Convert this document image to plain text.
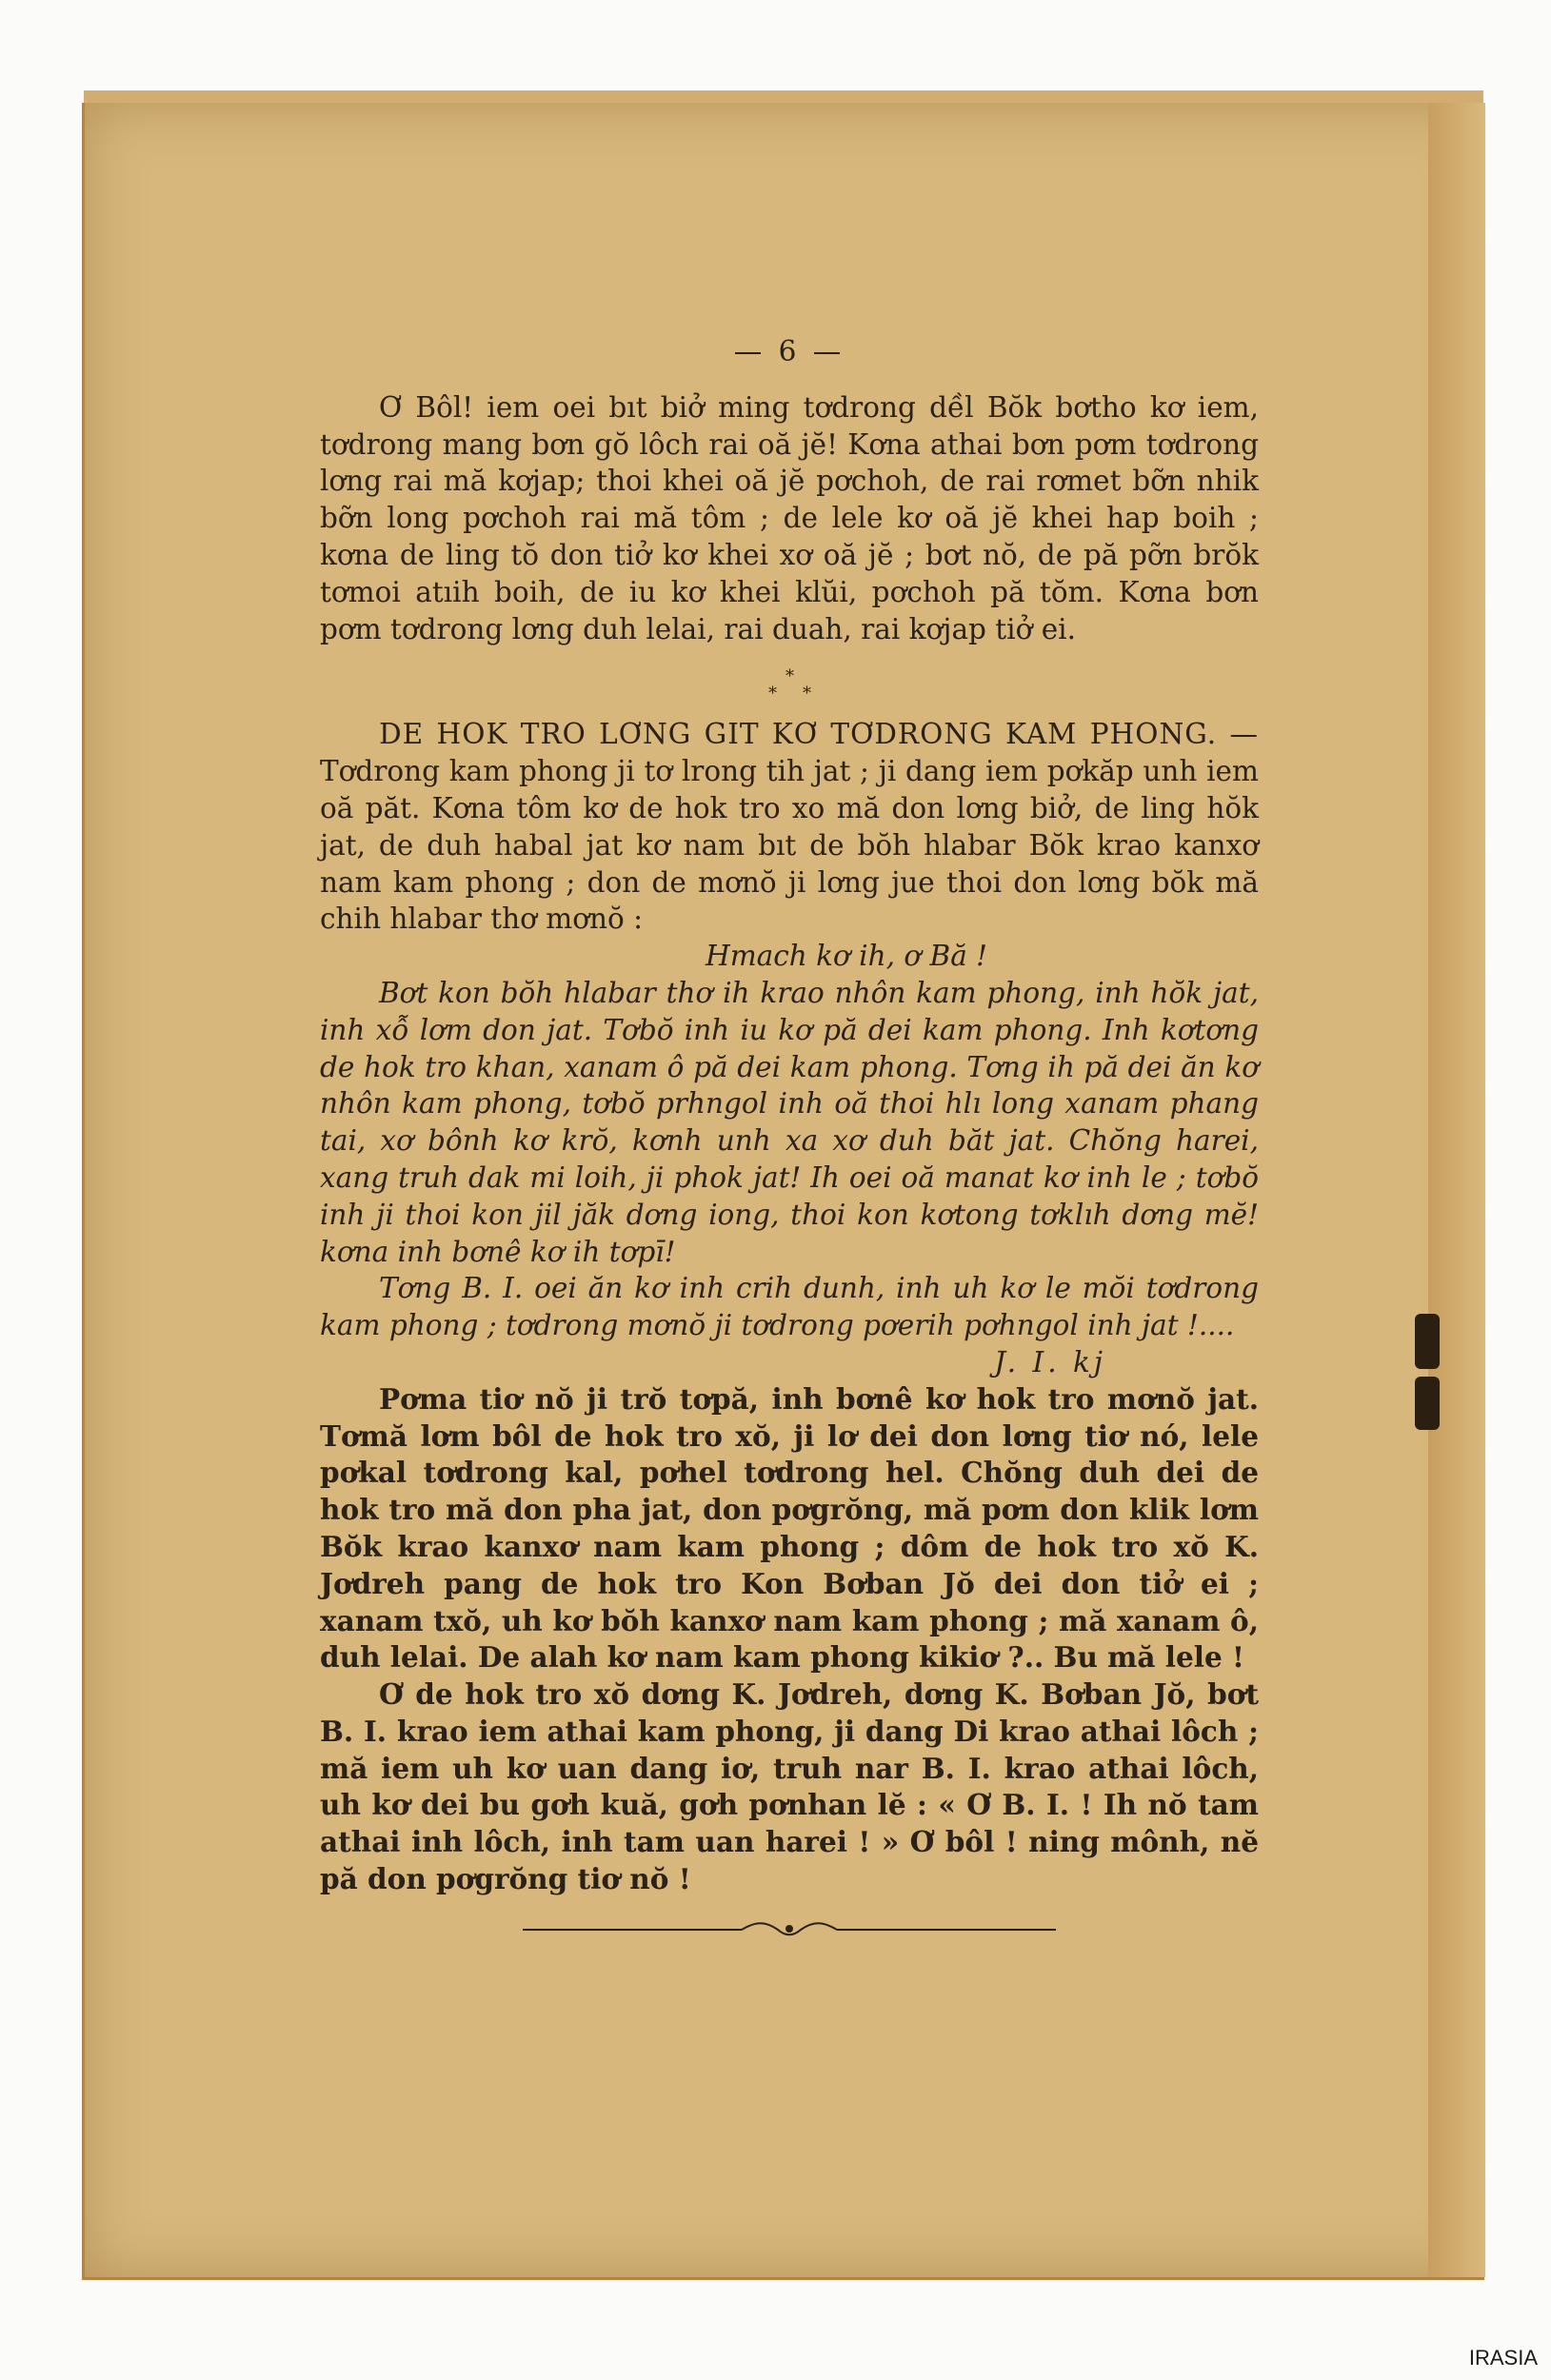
— 6 —

Ơ Bôl! iem oei bıt biở ming tơdrong dềl Bŏk bơtho kơ iem, tơdrong mang bơn gŏ lôch rai oă jĕ! Kơna athai bơn pơm tơdrong lơng rai mă kơjap; thoi khei oă jĕ pơchoh, de rai rơmet bỡn nhik bỡn long pơchoh rai mă tôm ; de lele kơ oă jĕ khei hap boih ; kơna de ling tŏ don tiở kơ khei xơ oă jĕ ; bơt nŏ, de pă pỡn brŏk tơmoi atıih boih, de iu kơ khei klŭi, pơchoh pă tŏm. Kơna bơn pơm tơdrong lơng duh lelai, rai duah, rai kơjap tiở ei.

*
* *

DE HOK TRO LƠNG GIT KƠ TƠDRONG KAM PHONG. — Tơdrong kam phong ji tơ lrong tih jat ; ji dang iem pơkăp unh iem oă păt. Kơna tôm kơ de hok tro xo mă don lơng biở, de ling hŏk jat, de duh habal jat kơ nam bıt de bŏh hlabar Bŏk krao kanxơ nam kam phong ; don de mơnŏ ji lơng jue thoi don lơng bŏk mă chih hlabar thơ mơnŏ :

Hmach kơ ih, ơ Bă !

Bơt kon bŏh hlabar thơ ih krao nhôn kam phong, inh hŏk jat, inh xỗ lơm don jat. Tơbŏ inh iu kơ pă dei kam phong. Inh kơtơng de hok tro khan, xanam ô pă dei kam phong. Tơng ih pă dei ăn kơ nhôn kam phong, tơbŏ prhngol inh oă thoi hlı long xanam phang tai, xơ bônh kơ krŏ, kơnh unh xa xơ duh băt jat. Chŏng harei, xang truh dak mi loih, ji phok jat! Ih oei oă manat kơ inh le ; tơbŏ inh ji thoi kon jil jăk dơng iong, thoi kon kơtong tơklıh dơng mĕ! kơna inh bơnê kơ ih tơpī!

Tơng B. I. oei ăn kơ inh crih dunh, inh uh kơ le mŏi tơdrong kam phong ; tơdrong mơnŏ ji tơdrong pơerih pơhngol inh jat !....

J. I. kj

Pơma tiơ nŏ ji trŏ tơpă, inh bơnê kơ hok tro mơnŏ jat. Tơmă lơm bôl de hok tro xŏ, ji lơ dei don lơng tiơ nó, lele pơkal tơdrong kal, pơhel tơdrong hel. Chŏng duh dei de hok tro mă don pha jat, don pơgrŏng, mă pơm don klik lơm Bŏk krao kanxơ nam kam phong ; dôm de hok tro xŏ K. Jơdreh pang de hok tro Kon Bơban Jŏ dei don tiở ei ; xanam txŏ, uh kơ bŏh kanxơ nam kam phong ; mă xanam ô, duh lelai. De alah kơ nam kam phong kikiơ ?.. Bu mă lele !

Ơ de hok tro xŏ dơng K. Jơdreh, dơng K. Bơban Jŏ, bơt B. I. krao iem athai kam phong, ji dang Di krao athai lôch ; mă iem uh kơ uan dang iơ, truh nar B. I. krao athai lôch, uh kơ dei bu gơh kuă, gơh pơnhan lĕ : « Ơ B. I. ! Ih nŏ tam athai inh lôch, inh tam uan harei ! » Ơ bôl ! ning mônh, nĕ pă don pơgrŏng tiơ nŏ !

IRASIA
